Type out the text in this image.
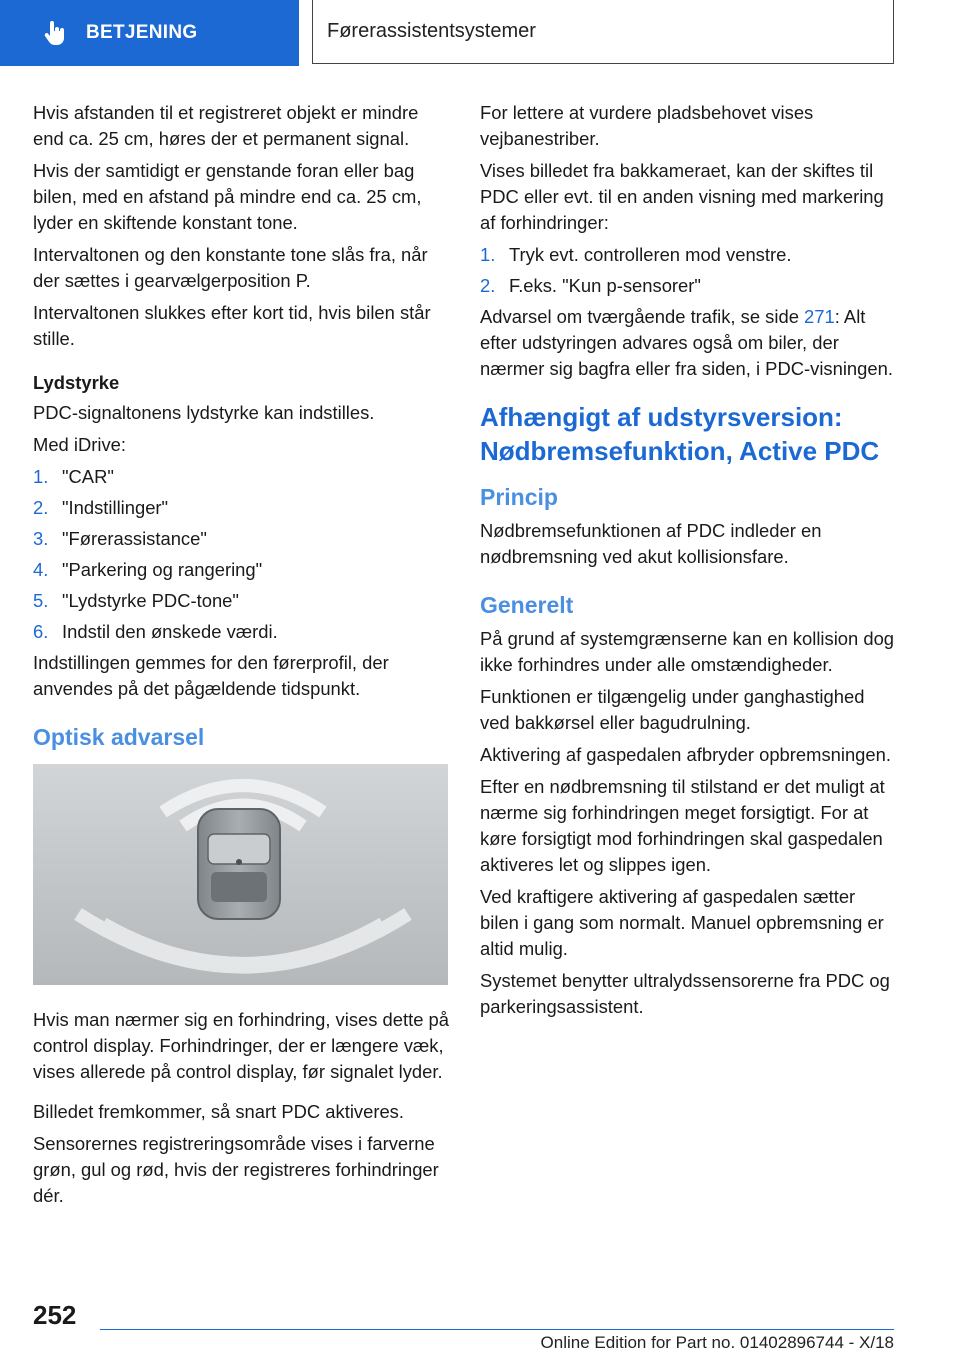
BETJENING	Førerassistentsystemer

Hvis afstanden til et registreret objekt er mindre end ca. 25 cm, høres der et permanent signal.

Hvis der samtidigt er genstande foran eller bag bilen, med en afstand på mindre end ca. 25 cm, lyder en skiftende konstant tone.

Intervaltonen og den konstante tone slås fra, når der sættes i gearvælgerposition P.

Intervaltonen slukkes efter kort tid, hvis bilen står stille.

Lydstyrke

PDC-signaltonens lydstyrke kan indstilles.

Med iDrive:

1. "CAR"
2. "Indstillinger"
3. "Førerassistance"
4. "Parkering og rangering"
5. "Lydstyrke PDC-tone"
6. Indstil den ønskede værdi.

Indstillingen gemmes for den førerprofil, der anvendes på det pågældende tidspunkt.

Optisk advarsel

Hvis man nærmer sig en forhindring, vises dette på control display. Forhindringer, der er længere væk, vises allerede på control display, før signalet lyder.

Billedet fremkommer, så snart PDC aktiveres.

Sensorernes registreringsområde vises i farverne grøn, gul og rød, hvis der registreres forhindringer dér.

For lettere at vurdere pladsbehovet vises vejbanestriber.

Vises billedet fra bakkameraet, kan der skiftes til PDC eller evt. til en anden visning med markering af forhindringer:

1. Tryk evt. controlleren mod venstre.
2. F.eks. "Kun p-sensorer"

Advarsel om tværgående trafik, se side 271: Alt efter udstyringen advares også om biler, der nærmer sig bagfra eller fra siden, i PDC-visningen.

Afhængigt af udstyrsversion: Nødbremsefunktion, Active PDC
Princip

Nødbremsefunktionen af PDC indleder en nødbremsning ved akut kollisionsfare.

Generelt

På grund af systemgrænserne kan en kollision dog ikke forhindres under alle omstændigheder.

Funktionen er tilgængelig under ganghastighed ved bakkørsel eller bagudrulning.

Aktivering af gaspedalen afbryder opbremsningen.

Efter en nødbremsning til stilstand er det muligt at nærme sig forhindringen meget forsigtigt. For at køre forsigtigt mod forhindringen skal gaspedalen aktiveres let og slippes igen.

Ved kraftigere aktivering af gaspedalen sætter bilen i gang som normalt. Manuel opbremsning er altid mulig.

Systemet benytter ultralydssensorerne fra PDC og parkeringsassistent.

252
Online Edition for Part no. 01402896744 - X/18
